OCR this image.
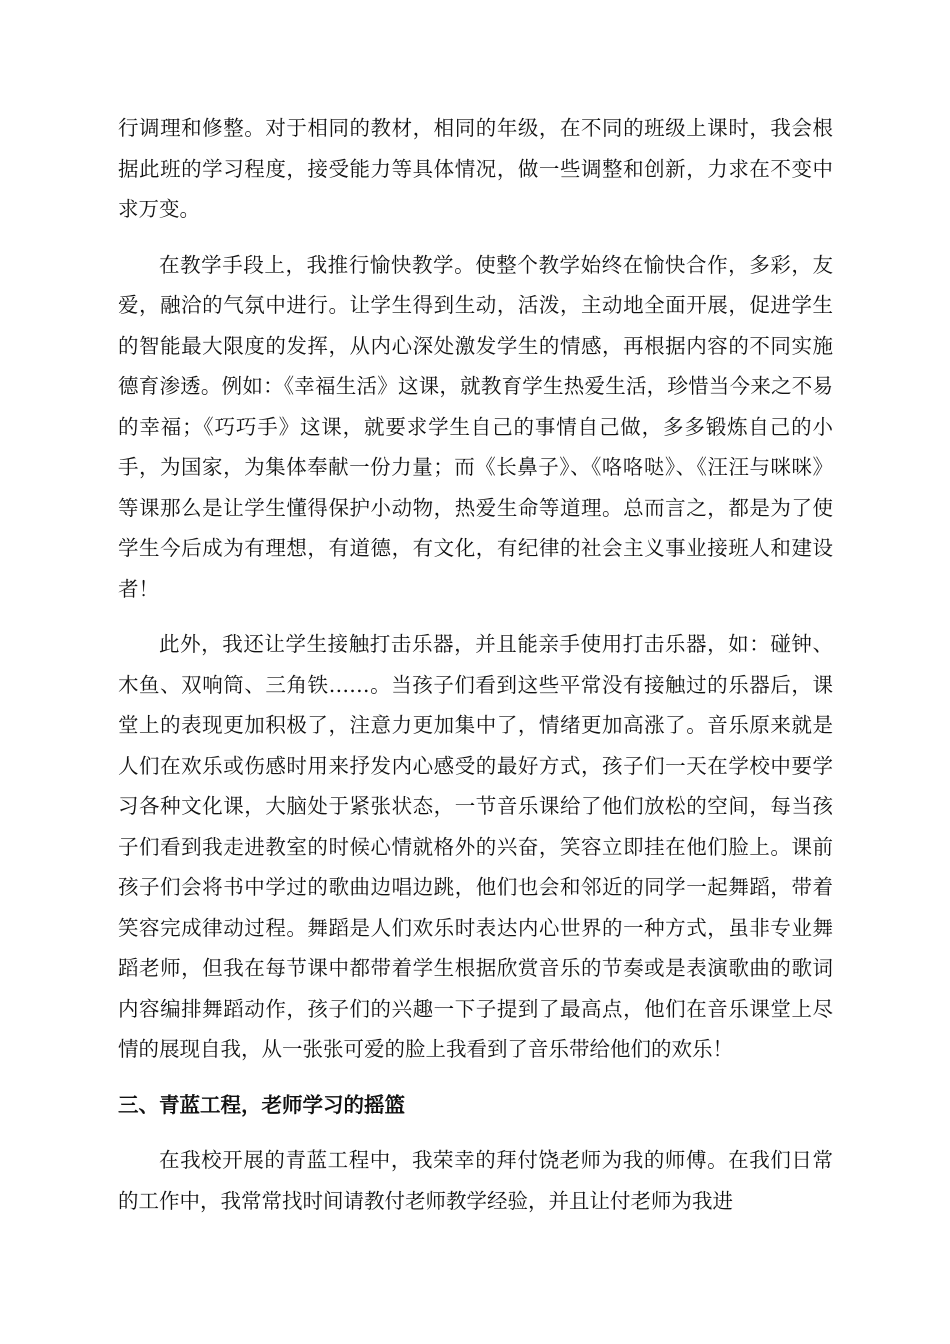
行调理和修整。对于相同的教材，相同的年级，在不同的班级上课时，我会根据此班的学习程度，接受能力等具体情况，做一些调整和创新，力求在不变中求万变。

在教学手段上，我推行愉快教学。使整个教学始终在愉快合作，多彩，友爱，融洽的气氛中进行。让学生得到生动，活泼，主动地全面开展，促进学生的智能最大限度的发挥，从内心深处激发学生的情感，再根据内容的不同实施德育渗透。例如：《幸福生活》这课，就教育学生热爱生活，珍惜当今来之不易的幸福；《巧巧手》这课，就要求学生自己的事情自己做，多多锻炼自己的小手，为国家，为集体奉献一份力量；而《长鼻子》、《咯咯哒》、《汪汪与咪咪》等课那么是让学生懂得保护小动物，热爱生命等道理。总而言之，都是为了使学生今后成为有理想，有道德，有文化，有纪律的社会主义事业接班人和建设者！

此外，我还让学生接触打击乐器，并且能亲手使用打击乐器，如：碰钟、木鱼、双响筒、三角铁……。当孩子们看到这些平常没有接触过的乐器后，课堂上的表现更加积极了，注意力更加集中了，情绪更加高涨了。音乐原来就是人们在欢乐或伤感时用来抒发内心感受的最好方式，孩子们一天在学校中要学习各种文化课，大脑处于紧张状态，一节音乐课给了他们放松的空间，每当孩子们看到我走进教室的时候心情就格外的兴奋，笑容立即挂在他们脸上。课前孩子们会将书中学过的歌曲边唱边跳，他们也会和邻近的同学一起舞蹈，带着笑容完成律动过程。舞蹈是人们欢乐时表达内心世界的一种方式，虽非专业舞蹈老师，但我在每节课中都带着学生根据欣赏音乐的节奏或是表演歌曲的歌词内容编排舞蹈动作，孩子们的兴趣一下子提到了最高点，他们在音乐课堂上尽情的展现自我，从一张张可爱的脸上我看到了音乐带给他们的欢乐！

三、青蓝工程，老师学习的摇篮

在我校开展的青蓝工程中，我荣幸的拜付饶老师为我的师傅。在我们日常的工作中，我常常找时间请教付老师教学经验，并且让付老师为我进
